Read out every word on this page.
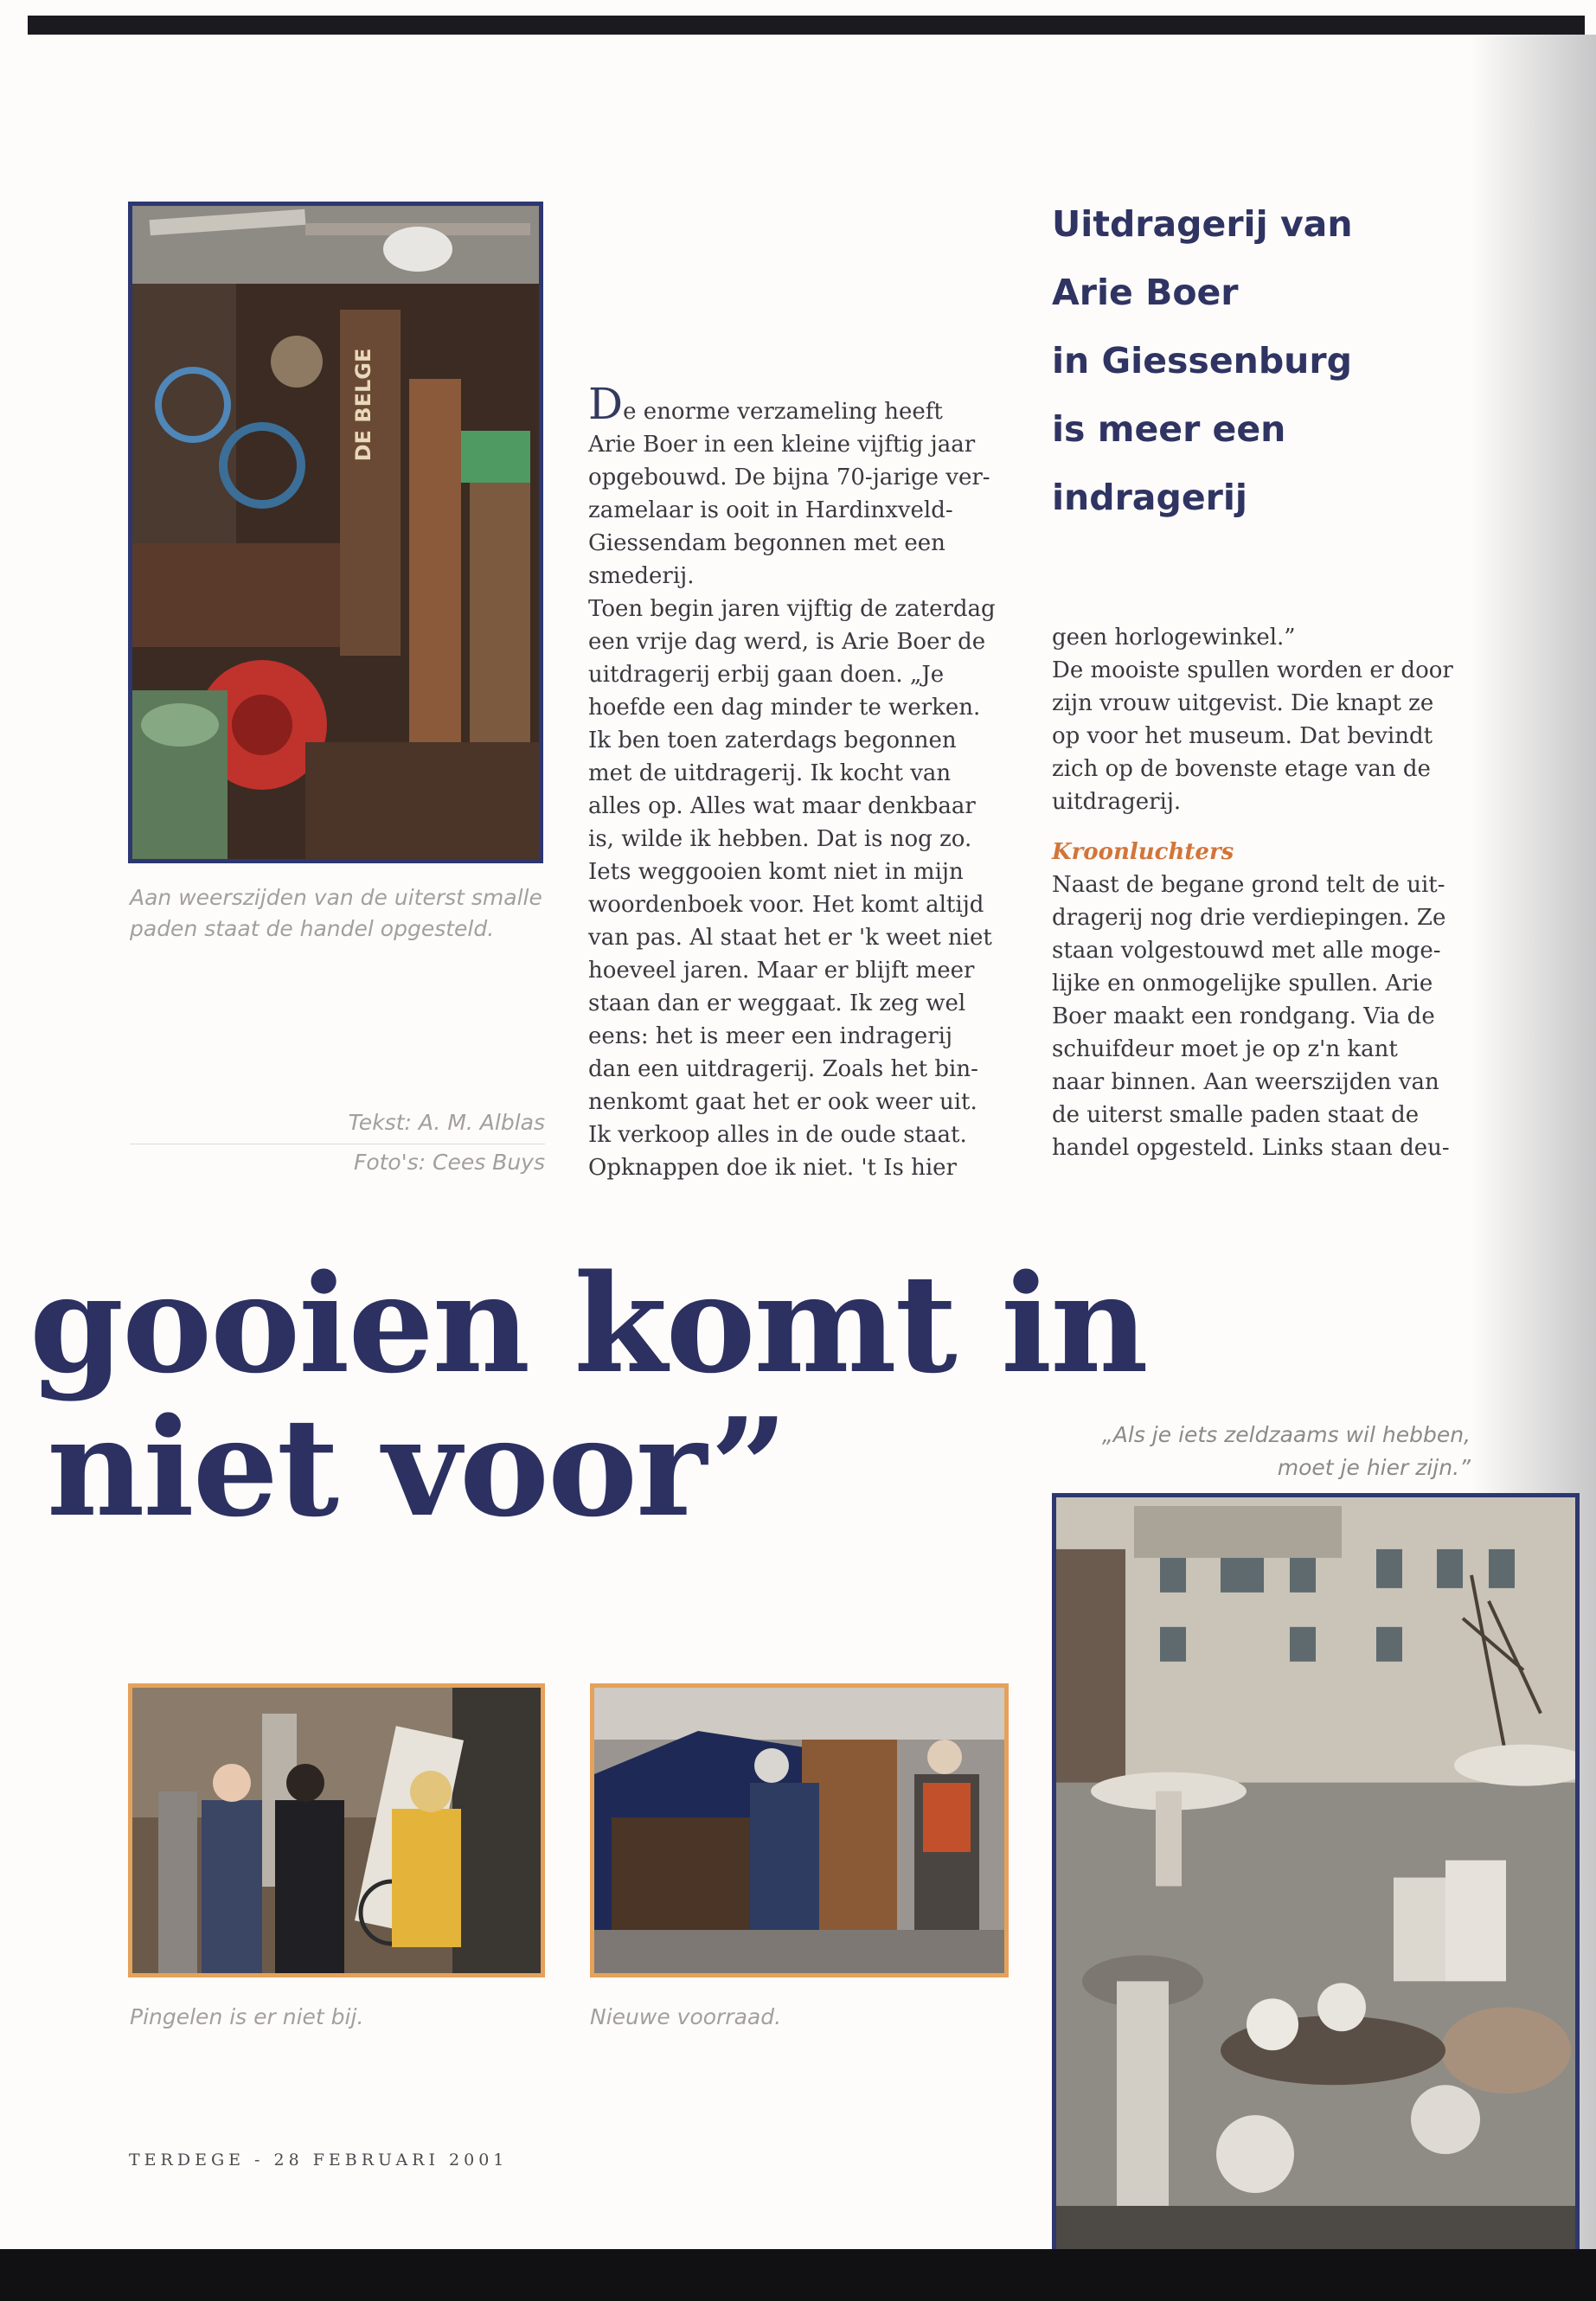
DE BELGE
Aan weerszijden van de uiterst smalle
paden staat de handel opgesteld.
Tekst: A. M. Alblas
Foto's: Cees Buys

De enorme verzameling heeft

Arie Boer in een kleine vijftig jaar

opgebouwd. De bijna 70-jarige ver-

zamelaar is ooit in Hardinxveld-

Giessendam begonnen met een

smederij.

Toen begin jaren vijftig de zaterdag

een vrije dag werd, is Arie Boer de

uitdragerij erbij gaan doen. „Je

hoefde een dag minder te werken.

Ik ben toen zaterdags begonnen

met de uitdragerij. Ik kocht van

alles op. Alles wat maar denkbaar

is, wilde ik hebben. Dat is nog zo.

Iets weggooien komt niet in mijn

woordenboek voor. Het komt altijd

van pas. Al staat het er 'k weet niet

hoeveel jaren. Maar er blijft meer

staan dan er weggaat. Ik zeg wel

eens: het is meer een indragerij

dan een uitdragerij. Zoals het bin-

nenkomt gaat het er ook weer uit.

Ik verkoop alles in de oude staat.

Opknappen doe ik niet. 't Is hier

Uitdragerij van
Arie Boer
in Giessenburg
is meer een
indragerij

geen horlogewinkel.”

De mooiste spullen worden er door

zijn vrouw uitgevist. Die knapt ze

op voor het museum. Dat bevindt

zich op de bovenste etage van de

uitdragerij.

Kroonluchters

Naast de begane grond telt de uit-

dragerij nog drie verdiepingen. Ze

staan volgestouwd met alle moge-

lijke en onmogelijke spullen. Arie

Boer maakt een rondgang. Via de

schuifdeur moet je op z'n kant

naar binnen. Aan weerszijden van

de uiterst smalle paden staat de

handel opgesteld. Links staan deu-

gooien komt in
niet voor”	„Als je iets zeldzaams wil hebben,
moet je hier zijn.”
Pingelen is er niet bij.	Nieuwe voorraad.
TERDEGE - 28 FEBRUARI 2001
